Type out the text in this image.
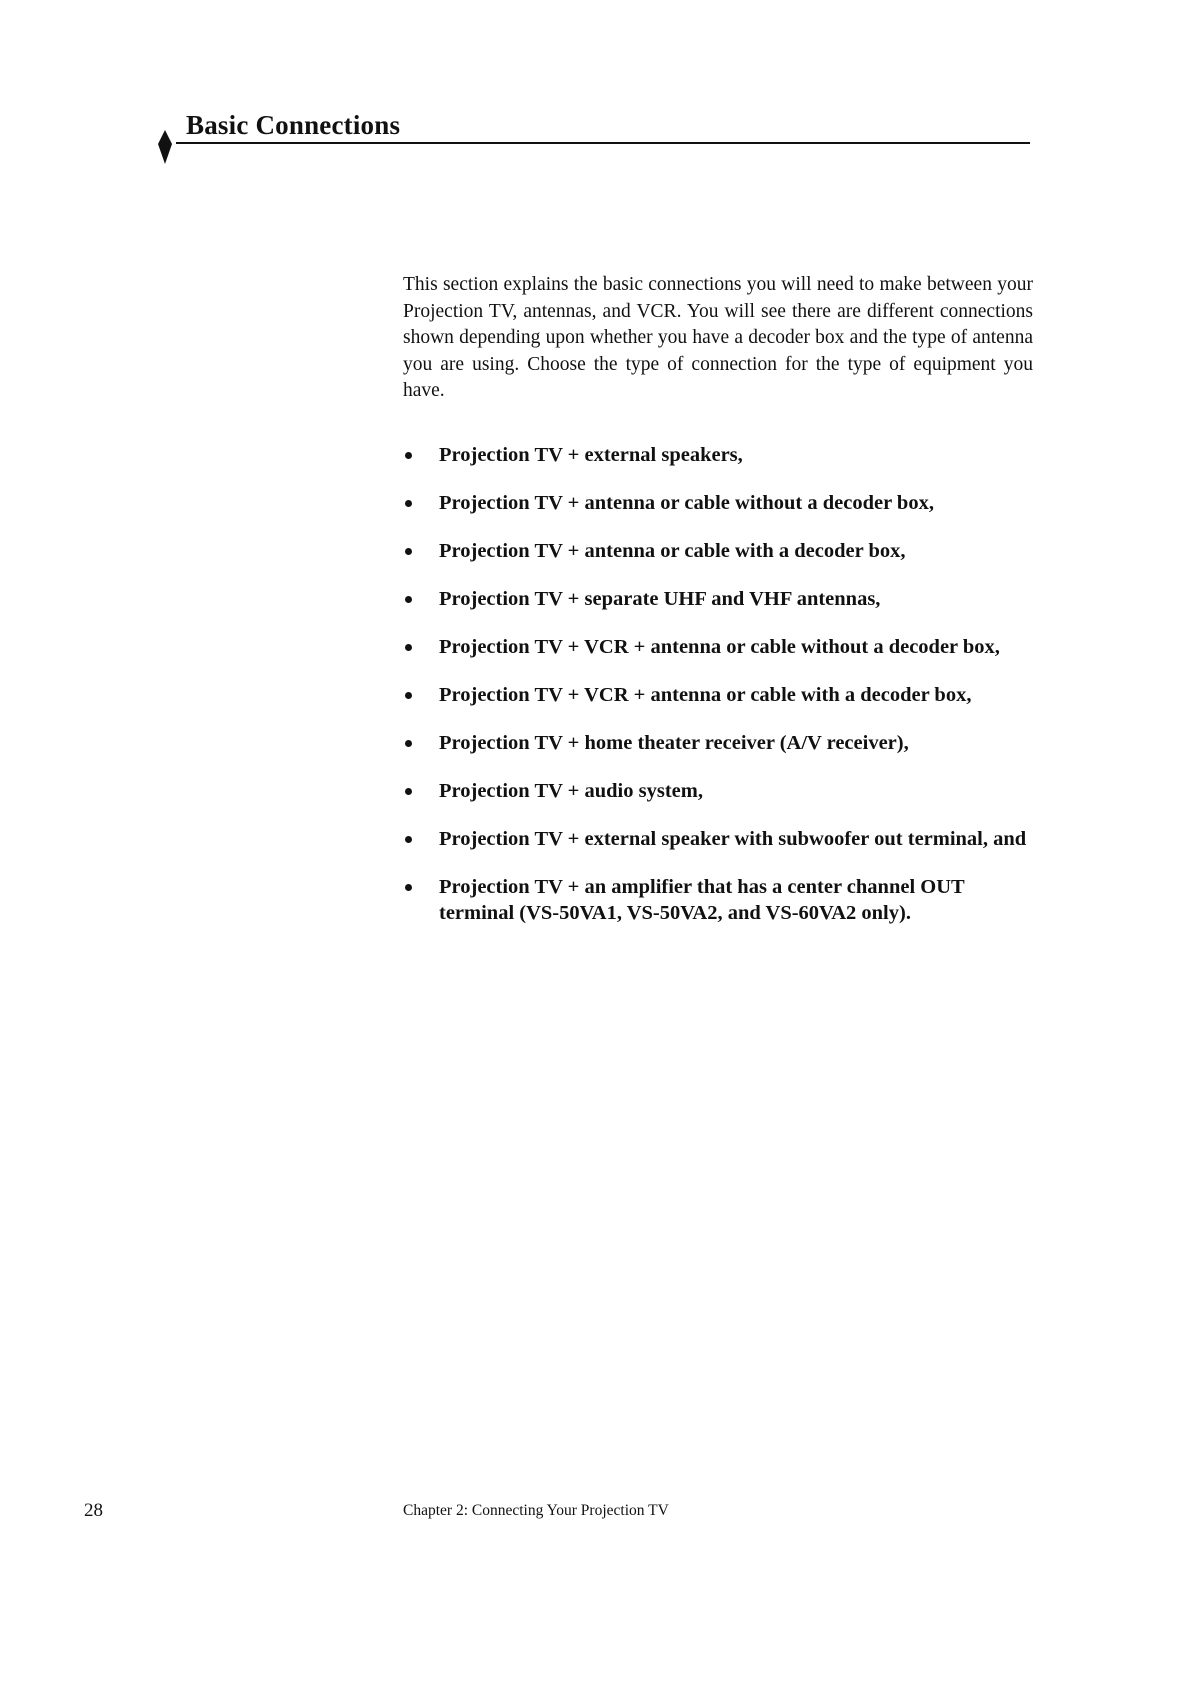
Basic Connections

This section explains the basic connections you will need to make between your Projection TV, antennas, and VCR. You will see there are different connections shown depending upon whether you have a decoder box and the type of antenna you are using. Choose the type of connection for the type of equipment you have.

Projection TV + external speakers,
Projection TV + antenna or cable without a decoder box,
Projection TV + antenna or cable with a decoder box,
Projection TV + separate UHF and VHF antennas,
Projection TV + VCR + antenna or cable without a decoder box,
Projection TV + VCR + antenna or cable with a decoder box,
Projection TV + home theater receiver (A/V receiver),
Projection TV + audio system,
Projection TV + external speaker with subwoofer out terminal, and
Projection TV + an amplifier that has a center channel OUT terminal (VS-50VA1, VS-50VA2, and VS-60VA2 only).
28	Chapter 2: Connecting Your Projection TV
